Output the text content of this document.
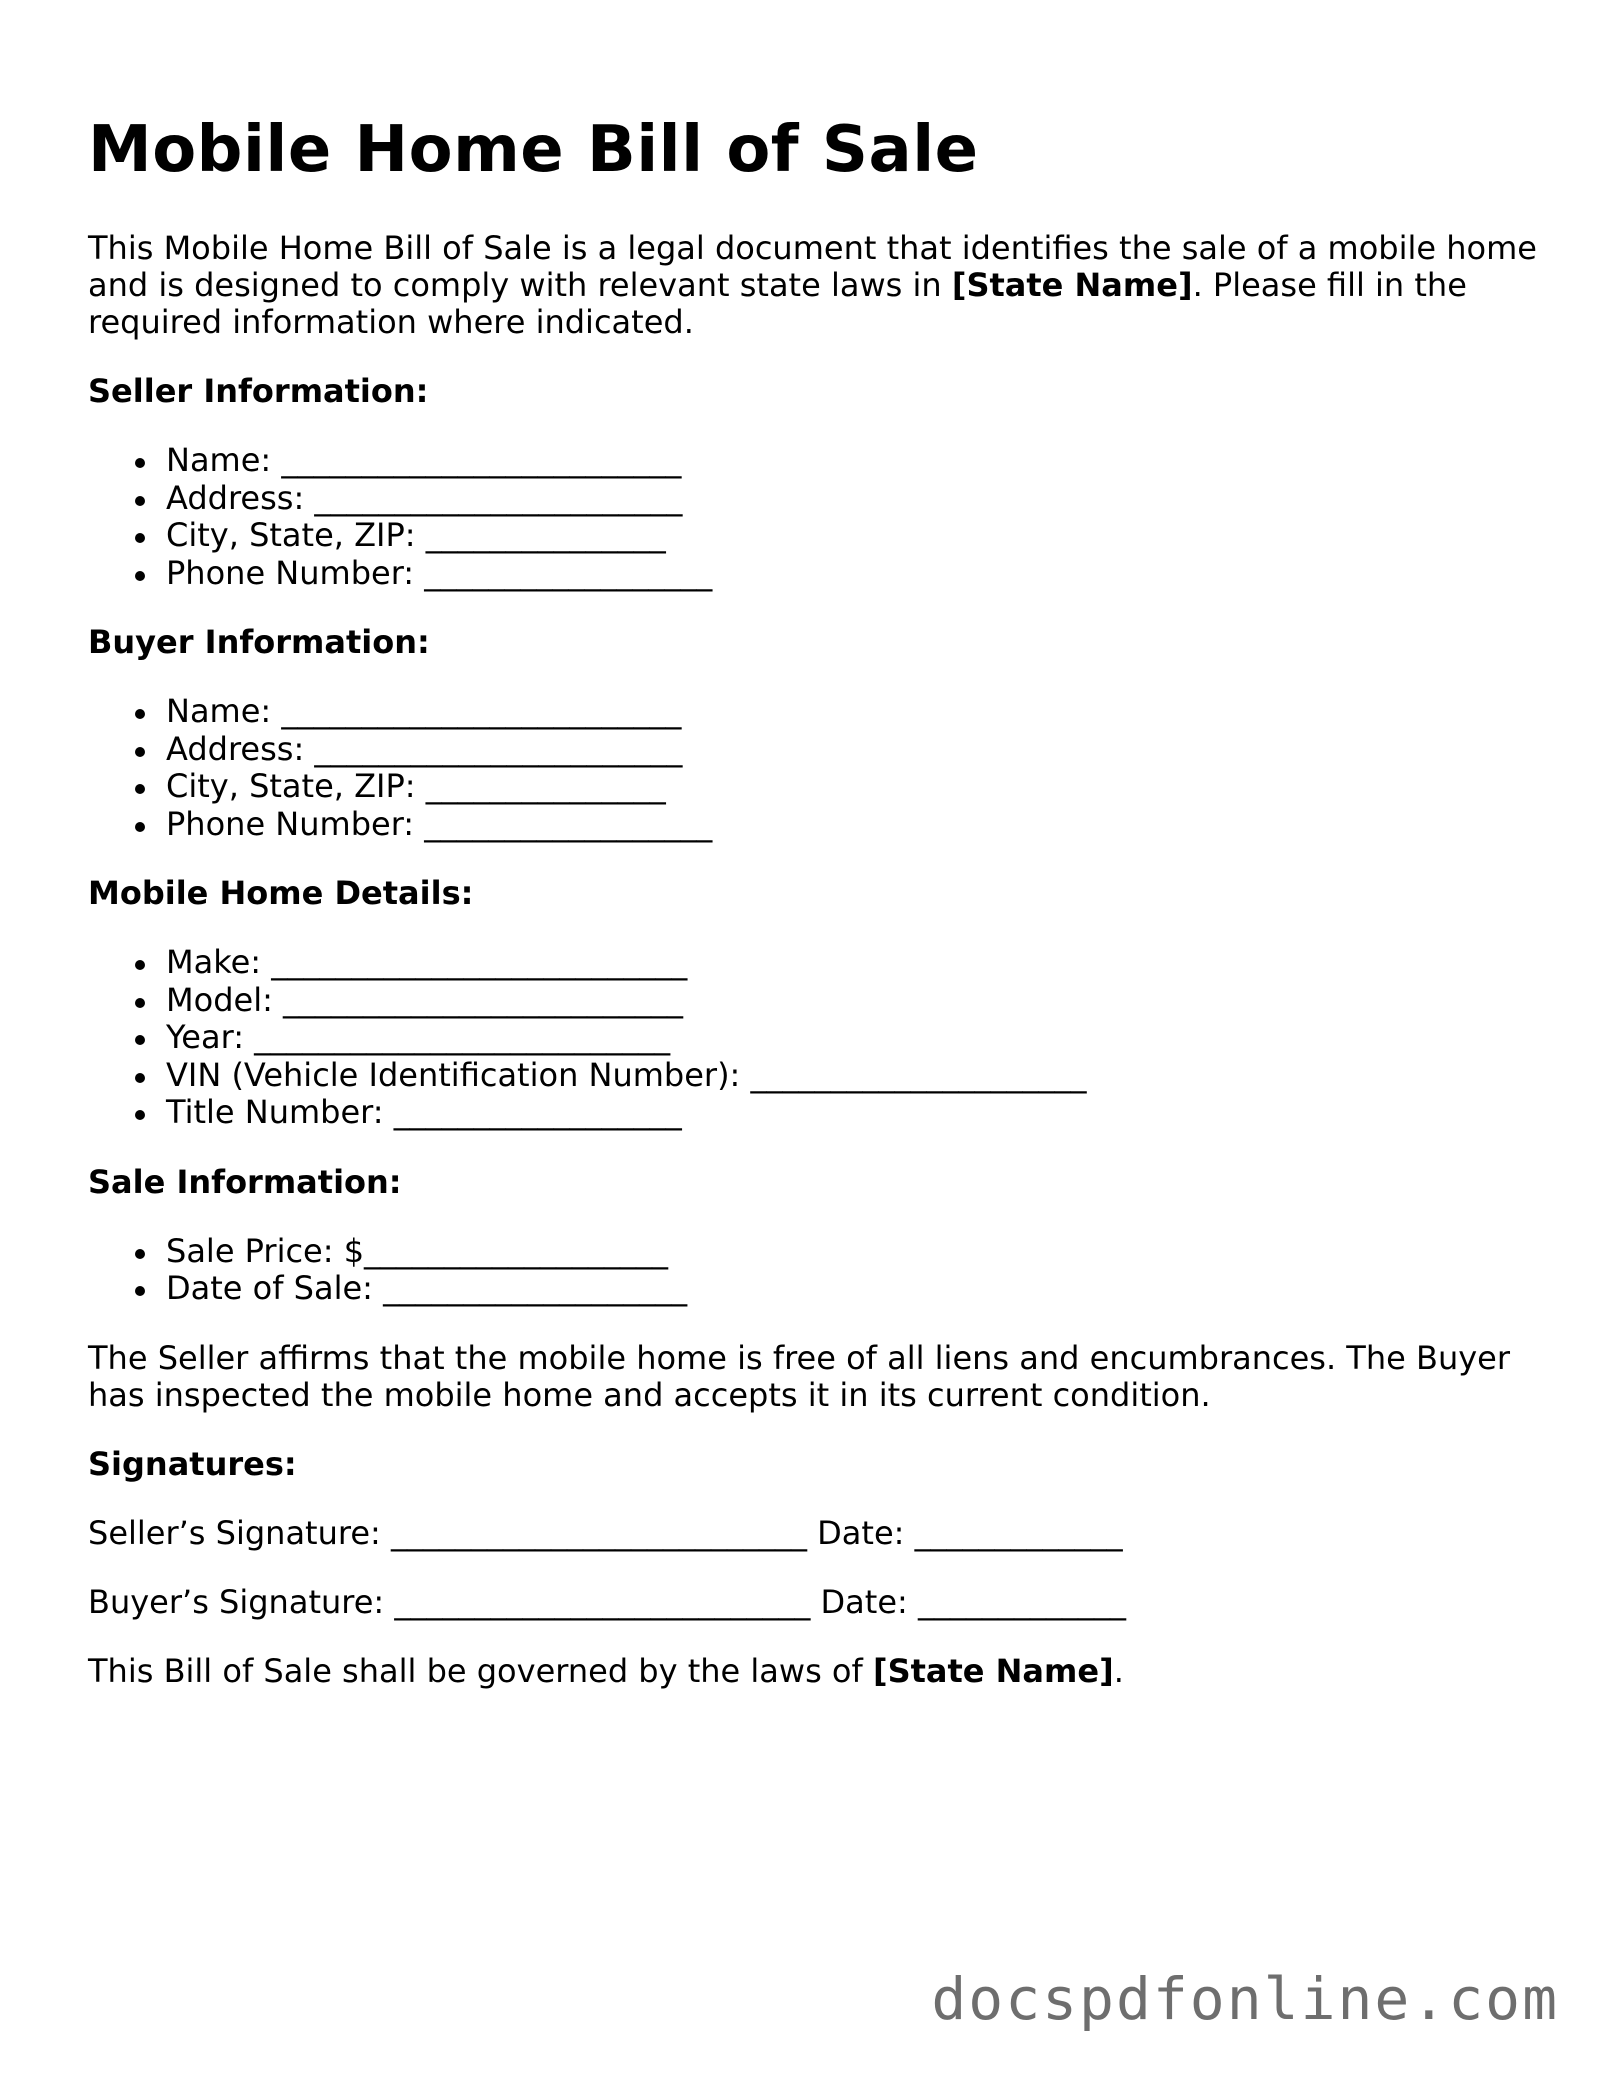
Mobile Home Bill of Sale

This Mobile Home Bill of Sale is a legal document that identifies the sale of a mobile home and is designed to comply with relevant state laws in [State Name]. Please fill in the required information where indicated.

Seller Information:
Name: _________________________
Address: _______________________
City, State, ZIP: _______________
Phone Number: __________________
Buyer Information:
Name: _________________________
Address: _______________________
City, State, ZIP: _______________
Phone Number: __________________
Mobile Home Details:
Make: __________________________
Model: _________________________
Year: __________________________
VIN (Vehicle Identification Number): _____________________
Title Number: __________________
Sale Information:
Sale Price: $___________________
Date of Sale: ___________________

The Seller affirms that the mobile home is free of all liens and encumbrances. The Buyer has inspected the mobile home and accepts it in its current condition.

Signatures:

Seller’s Signature: __________________________ Date: _____________

Buyer’s Signature: __________________________ Date: _____________

This Bill of Sale shall be governed by the laws of [State Name].

docspdfonline.com
